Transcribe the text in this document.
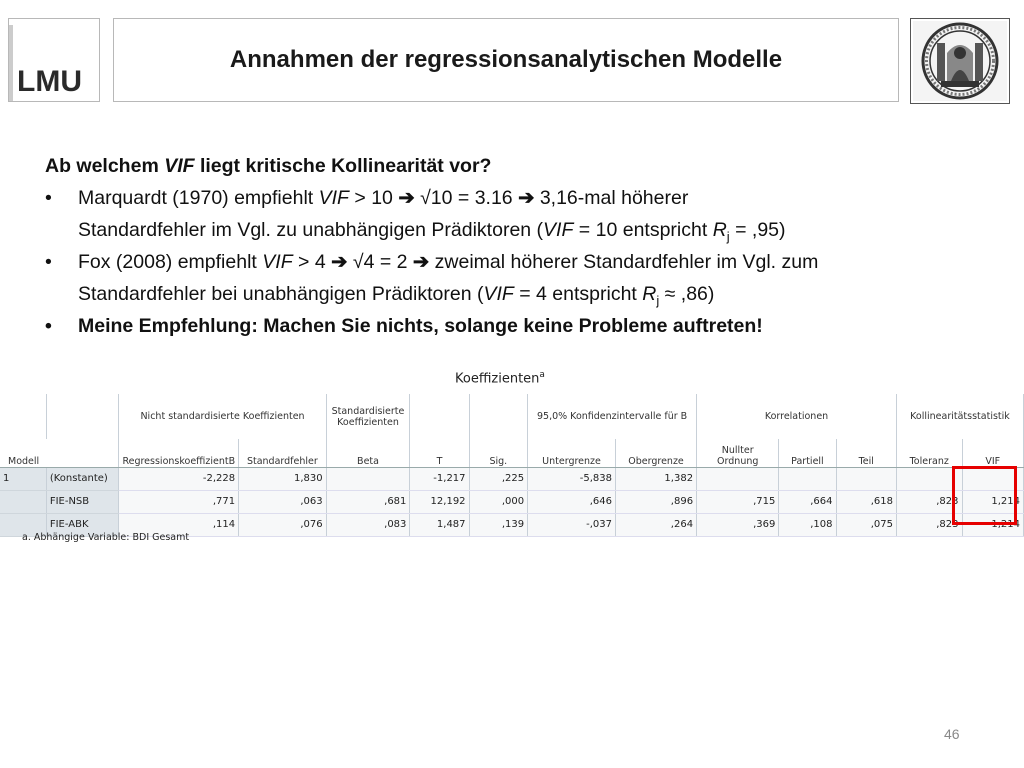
LMU
Annahmen der regressionsanalytischen Modelle
Ab welchem VIF liegt kritische Kollinearität vor?
• Marquardt (1970) empfiehlt VIF > 10 ➔ √10 = 3.16 ➔ 3,16-mal höherer
Standardfehler im Vgl. zu unabhängigen Prädiktoren (VIF = 10 entspricht $R_j = ,95$)
• Fox (2008) empfiehlt VIF > 4 ➔ √4 = 2 ➔ zweimal höherer Standardfehler im Vgl. zum
Standardfehler bei unabhängigen Prädiktoren (VIF = 4 entspricht $R_j \approx ,86$)
• Meine Empfehlung: Machen Sie nichts, solange keine Probleme auftreten!
Koeffizienten$^a$
		Nicht standardisierte Koeffizienten		Standardisierte Koeffizienten			95,0% Konfidenzintervalle für B		Korrelationen			Kollinearitätsstatistik	
Modell		RegressionskoeffizientB	Standardfehler	Beta	T	Sig.	Untergrenze	Obergrenze	Nullter Ordnung	Partiell	Teil	Toleranz	VIF
1	(Konstante)	-2,228	1,830		-1,217	,225	-5,838	1,382					
	FIE-NSB	,771	,063	,681	12,192	,000	,646	,896	,715	,664	,618	,823	1,214
	FIE-ABK	,114	,076	,083	1,487	,139	-,037	,264	,369	,108	,075	,823	1,214
a. Abhängige Variable: BDI Gesamt
46
